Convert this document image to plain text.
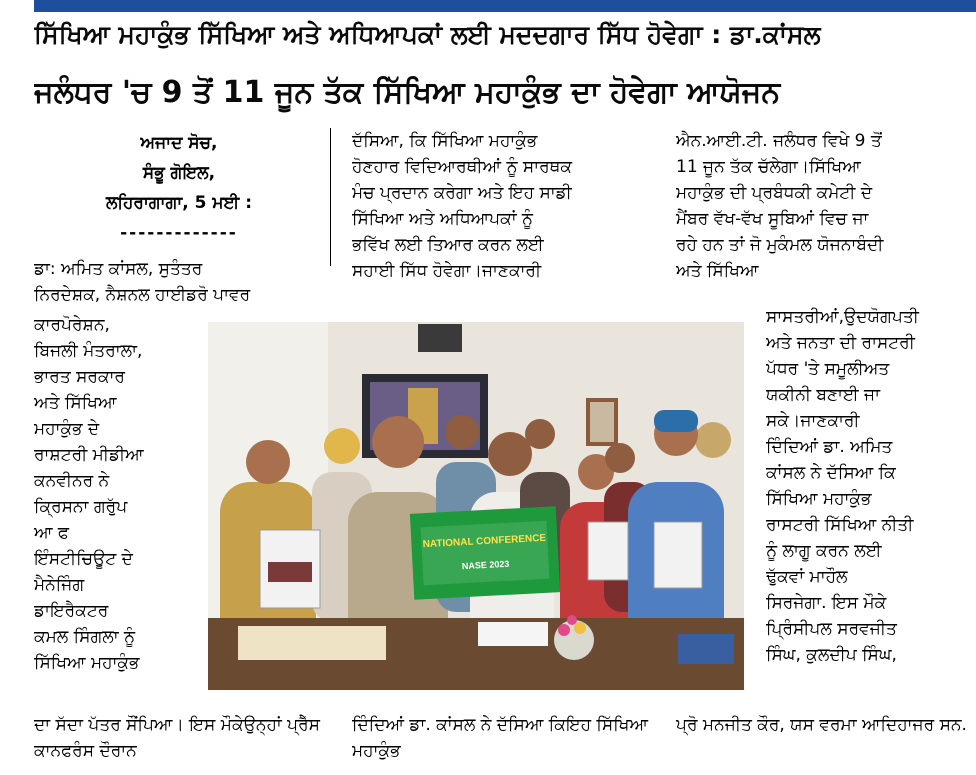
ਸਿੱਖਿਆ ਮਹਾਕੁੰਭ ਸਿੱਖਿਆ ਅਤੇ ਅਧਿਆਪਕਾਂ ਲਈ ਮਦਦਗਾਰ ਸਿੱਧ ਹੋਵੇਗਾ : ਡਾ.ਕਾਂਸਲ
ਜਲੰਧਰ 'ਚ 9 ਤੋਂ 11 ਜੂਨ ਤੱਕ ਸਿੱਖਿਆ ਮਹਾਕੁੰਭ ਦਾ ਹੋਵੇਗਾ ਆਯੋਜਨ
ਅਜਾਦ ਸੋਚ,
ਸੰਭੂ ਗੋਇਲ,
ਲਹਿਰਾਗਾਗਾ, 5 ਮਈ :
-------------
ਡਾ: ਅਮਿਤ ਕਾਂਸਲ, ਸੁਤੰਤਰ
ਨਿਰਦੇਸ਼ਕ, ਨੈਸ਼ਨਲ ਹਾਈਡਰੋ ਪਾਵਰ
ਕਾਰਪੋਰੇਸ਼ਨ,
ਬਿਜਲੀ ਮੰਤਰਾਲਾ,
ਭਾਰਤ ਸਰਕਾਰ
ਅਤੇ ਸਿੱਖਿਆ
ਮਹਾਕੁੰਭ ਦੇ
ਰਾਸ਼ਟਰੀ ਮੀਡੀਆ
ਕਨਵੀਨਰ ਨੇ
ਕ੍ਰਿਸਨਾ ਗਰੁੱਪ
ਆ ਫ
ਇੰਸਟੀਚਿਊਟ ਦੇ
ਮੈਨੇਜਿੰਗ
ਡਾਇਰੈਕਟਰ
ਕਮਲ ਸਿੰਗਲਾ ਨੂੰ
ਸਿੱਖਿਆ ਮਹਾਕੁੰਭ
ਦੱਸਿਆ, ਕਿ ਸਿੱਖਿਆ ਮਹਾਕੁੰਭ
ਹੋਣਹਾਰ ਵਿਦਿਆਰਥੀਆਂ ਨੂੰ ਸਾਰਥਕ
ਮੰਚ ਪ੍ਰਦਾਨ ਕਰੇਗਾ ਅਤੇ ਇਹ ਸਾਡੀ
ਸਿੱਖਿਆ ਅਤੇ ਅਧਿਆਪਕਾਂ ਨੂੰ
ਭਵਿੱਖ ਲਈ ਤਿਆਰ ਕਰਨ ਲਈ
ਸਹਾਈ ਸਿੱਧ ਹੋਵੇਗਾ।ਜਾਣਕਾਰੀ
ਐਨ.ਆਈ.ਟੀ. ਜਲੰਧਰ ਵਿਖੇ 9 ਤੋਂ
11 ਜੂਨ ਤੱਕ ਚੱਲੇਗਾ।ਸਿੱਖਿਆ
ਮਹਾਕੁੰਭ ਦੀ ਪ੍ਰਬੰਧਕੀ ਕਮੇਟੀ ਦੇ
ਮੈਂਬਰ ਵੱਖ-ਵੱਖ ਸੂਬਿਆਂ ਵਿਚ ਜਾ
ਰਹੇ ਹਨ ਤਾਂ ਜੋ ਮੁਕੰਮਲ ਯੋਜਨਾਬੰਦੀ
ਅਤੇ ਸਿੱਖਿਆ
ਸਾਸਤਰੀਆਂ,ਉਦਯੋਗਪਤੀ
ਅਤੇ ਜਨਤਾ ਦੀ ਰਾਸਟਰੀ
ਪੱਧਰ 'ਤੇ ਸਮੂਲੀਅਤ
ਯਕੀਨੀ ਬਣਾਈ ਜਾ
ਸਕੇ।ਜਾਣਕਾਰੀ
ਦਿੰਦਿਆਂ ਡਾ. ਅਮਿਤ
ਕਾਂਸਲ ਨੇ ਦੱਸਿਆ ਕਿ
ਸਿੱਖਿਆ ਮਹਾਕੁੰਭ
ਰਾਸਟਰੀ ਸਿੱਖਿਆ ਨੀਤੀ
ਨੂੰ ਲਾਗੂ ਕਰਨ ਲਈ
ਢੁੱਕਵਾਂ ਮਾਹੌਲ
ਸਿਰਜੇਗਾ. ਇਸ ਮੌਕੇ
ਪ੍ਰਿੰਸੀਪਲ ਸਰਵਜੀਤ
ਸਿੰਘ, ਕੁਲਦੀਪ ਸਿੰਘ,
ਦਾ ਸੱਦਾ ਪੱਤਰ ਸੌਂਪਿਆ। ਇਸ ਮੌਕੇਉਨ੍ਹਾਂ ਪ੍ਰੈੱਸ ਕਾਨਫਰੰਸ ਦੌਰਾਨ
ਦਿੰਦਿਆਂ ਡਾ. ਕਾਂਸਲ ਨੇ ਦੱਸਿਆ ਕਿਇਹ ਸਿੱਖਿਆ ਮਹਾਕੁੰਭ
ਪ੍ਰੋ ਮਨਜੀਤ ਕੌਰ, ਯਸ ਵਰਮਾ ਆਦਿਹਾਜਰ ਸਨ.
NATIONAL CONFERENCE
NASE 2023
